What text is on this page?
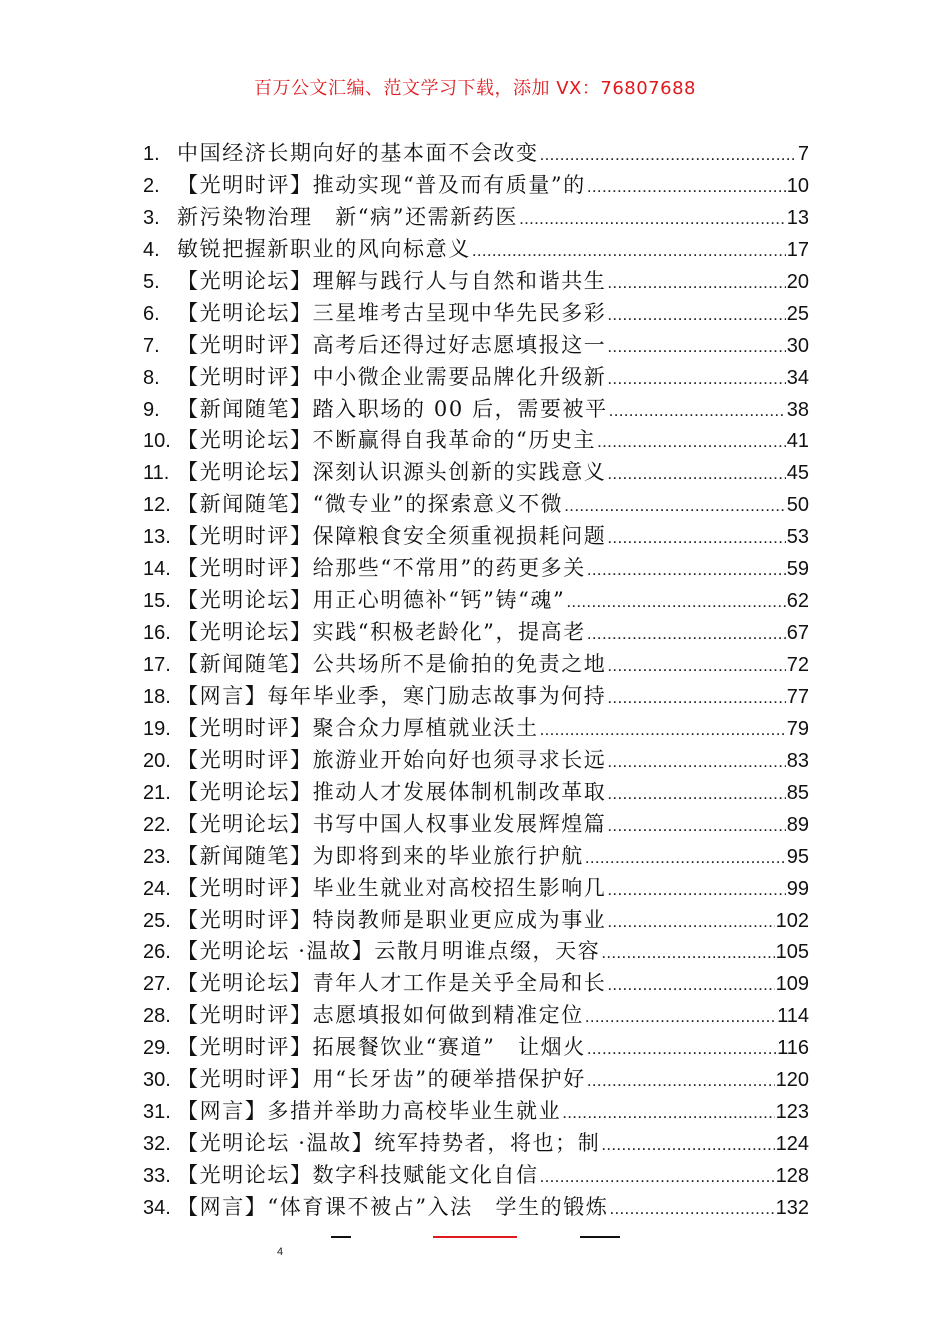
百万公文汇编、范文学习下载，添加 VX：76807688
1. 中国经济长期向好的基本面不会改变 .....	7
2. 【光明时评】推动实现“普及而有质量”的 .....	10
3. 新污染物治理　新“病”还需新药医 .....	13
4. 敏锐把握新职业的风向标意义 .....	17
5. 【光明论坛】理解与践行人与自然和谐共生 .....	20
6. 【光明论坛】三星堆考古呈现中华先民多彩 .....	25
7. 【光明时评】高考后还得过好志愿填报这一 .....	30
8. 【光明时评】中小微企业需要品牌化升级新 .....	34
9. 【新闻随笔】踏入职场的 00 后，需要被平 .....	38
10. 【光明论坛】不断赢得自我革命的“历史主 .....	41
11. 【光明论坛】深刻认识源头创新的实践意义 .....	45
12. 【新闻随笔】“微专业”的探索意义不微 .....	50
13. 【光明时评】保障粮食安全须重视损耗问题 .....	53
14. 【光明时评】给那些“不常用”的药更多关 .....	59
15. 【光明论坛】用正心明德补“钙”铸“魂” .....	62
16. 【光明论坛】实践“积极老龄化”，提高老 .....	67
17. 【新闻随笔】公共场所不是偷拍的免责之地 .....	72
18. 【网言】每年毕业季，寒门励志故事为何持 .....	77
19. 【光明时评】聚合众力厚植就业沃土 .....	79
20. 【光明时评】旅游业开始向好也须寻求长远 .....	83
21. 【光明论坛】推动人才发展体制机制改革取 .....	85
22. 【光明论坛】书写中国人权事业发展辉煌篇 .....	89
23. 【新闻随笔】为即将到来的毕业旅行护航 .....	95
24. 【光明时评】毕业生就业对高校招生影响几 .....	99
25. 【光明时评】特岗教师是职业更应成为事业 .....	102
26. 【光明论坛 ·温故】云散月明谁点缀，天容 .....	105
27. 【光明论坛】青年人才工作是关乎全局和长 .....	109
28. 【光明时评】志愿填报如何做到精准定位 .....	114
29. 【光明时评】拓展餐饮业“赛道”　让烟火 .....	116
30. 【光明时评】用“长牙齿”的硬举措保护好 .....	120
31. 【网言】多措并举助力高校毕业生就业 .....	123
32. 【光明论坛 ·温故】统军持势者，将也；制 .....	124
33. 【光明论坛】数字科技赋能文化自信 .....	128
34. 【网言】“体育课不被占”入法　学生的锻炼 .....	132
4
